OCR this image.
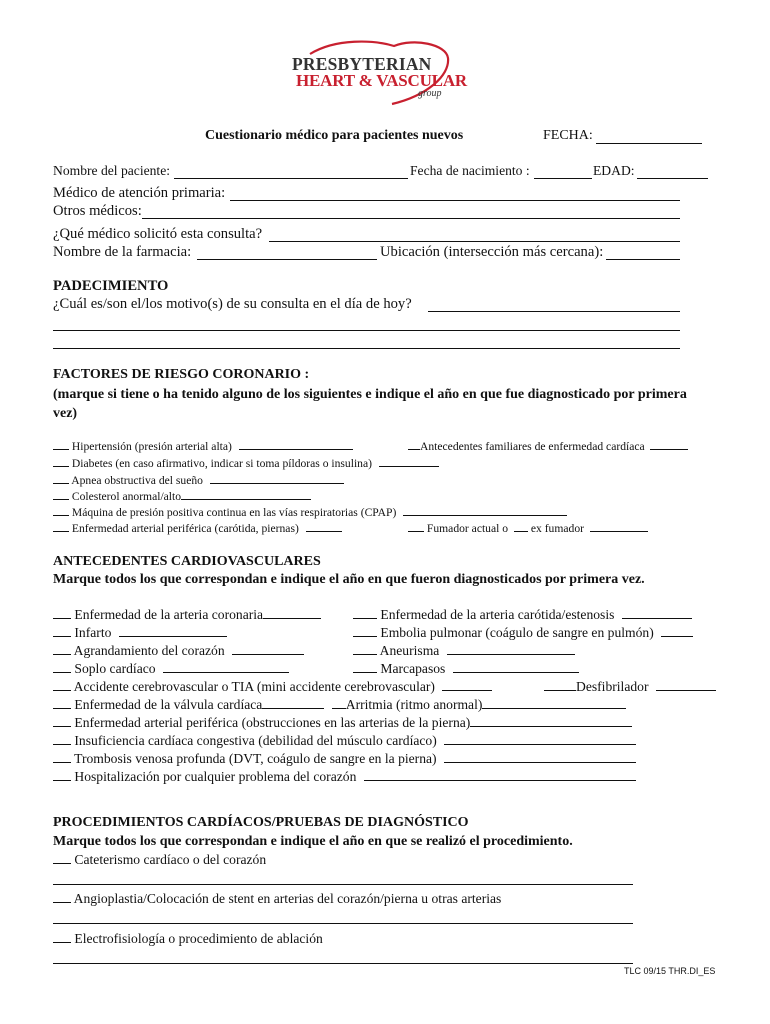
PRESBYTERIAN
HEART & VASCULAR
group
Cuestionario médico para pacientes nuevos	FECHA:
Nombre del paciente:	Fecha de nacimiento :	EDAD:
Médico de atención primaria:
Otros médicos:
¿Qué médico solicitó esta consulta?
Nombre de la farmacia:	Ubicación (intersección más cercana):
PADECIMIENTO
¿Cuál es/son el/los motivo(s) de su consulta en el día de hoy?
FACTORES DE RIESGO CORONARIO :
(marque si tiene o ha tenido alguno de los siguientes e indique el año en que fue diagnosticado por primera vez)
Hipertensión (presión arterial alta)	Antecedentes familiares de enfermedad cardíaca
Diabetes (en caso afirmativo, indicar si toma píldoras o insulina)
Apnea obstructiva del sueño
Colesterol anormal/alto
Máquina de presión positiva continua en las vías respiratorias (CPAP)
Enfermedad arterial periférica (carótida, piernas)	Fumador actual o ex fumador
ANTECEDENTES CARDIOVASCULARES
Marque todos los que correspondan e indique el año en que fueron diagnosticados por primera vez.
Enfermedad de la arteria coronaria	Enfermedad de la arteria carótida/estenosis
Infarto	Embolia pulmonar (coágulo de sangre en pulmón)
Agrandamiento del corazón	Aneurisma
Soplo cardíaco	Marcapasos
Accidente cerebrovascular o TIA (mini accidente cerebrovascular)	Desfibrilador
Enfermedad de la válvula cardíaca	Arritmia (ritmo anormal)
Enfermedad arterial periférica (obstrucciones en las arterias de la pierna)
Insuficiencia cardíaca congestiva (debilidad del músculo cardíaco)
Trombosis venosa profunda (DVT, coágulo de sangre en la pierna)
Hospitalización por cualquier problema del corazón
PROCEDIMIENTOS CARDÍACOS/PRUEBAS DE DIAGNÓSTICO
Marque todos los que correspondan e indique el año en que se realizó el procedimiento.
Cateterismo cardíaco o del corazón
Angioplastia/Colocación de stent en arterias del corazón/pierna u otras arterias
Electrofisiología o procedimiento de ablación
TLC 09/15 THR.DI_ES
